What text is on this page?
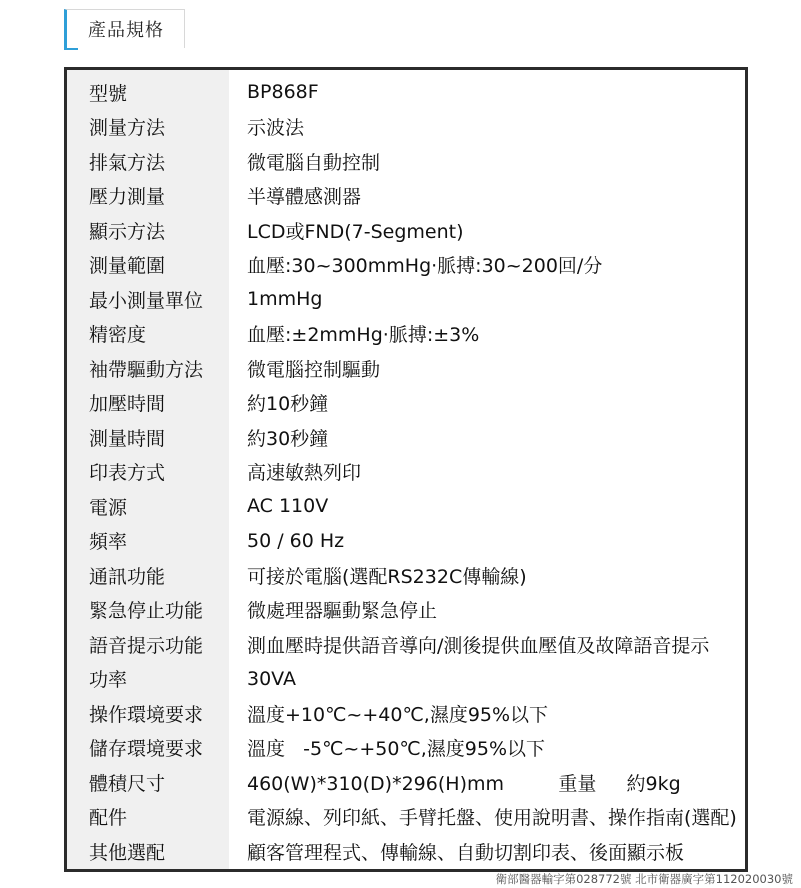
產品規格
型號	BP868F
測量方法	示波法
排氣方法	微電腦自動控制
壓力測量	半導體感測器
顯示方法	LCD或FND(7-Segment)
測量範圍	血壓:30~300mmHg‧脈搏:30~200回/分
最小測量單位	1mmHg
精密度	血壓:±2mmHg‧脈搏:±3%
袖帶驅動方法	微電腦控制驅動
加壓時間	約10秒鐘
測量時間	約30秒鐘
印表方式	高速敏熱列印
電源	AC 110V
頻率	50 / 60 Hz
通訊功能	可接於電腦(選配RS232C傳輸線)
緊急停止功能	微處理器驅動緊急停止
語音提示功能	測血壓時提供語音導向/測後提供血壓值及故障語音提示
功率	30VA
操作環境要求	溫度+10℃~+40℃,濕度95%以下
儲存環境要求	溫度   -5℃~+50℃,濕度95%以下
體積尺寸	460(W)*310(D)*296(H)mm         重量     約9kg
配件	電源線、列印紙、手臂托盤、使用說明書、操作指南(選配)
其他選配	顧客管理程式、傳輸線、自動切割印表、後面顯示板
衛部醫器輸字第028772號 北市衛器廣字第112020030號
